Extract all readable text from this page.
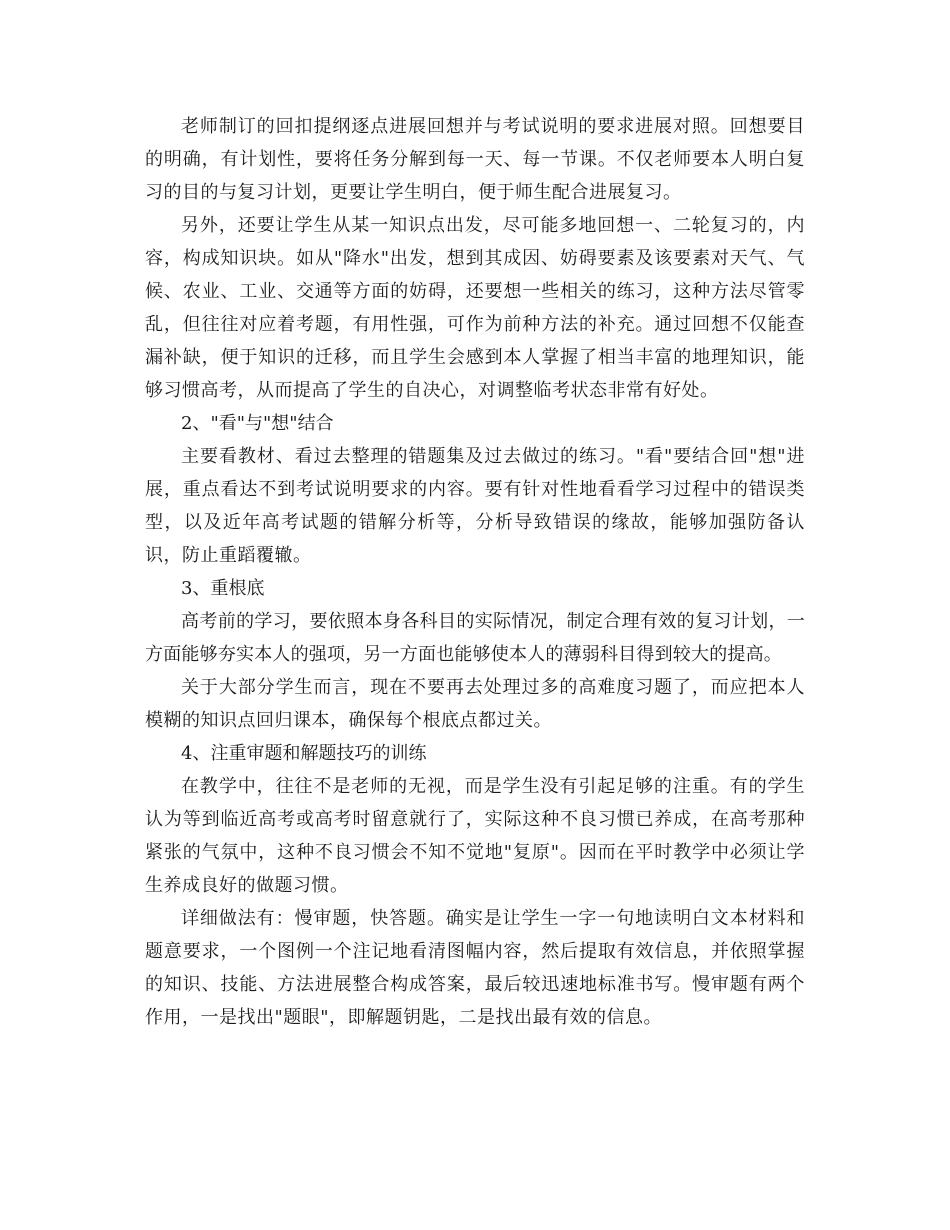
老师制订的回扣提纲逐点进展回想并与考试说明的要求进展对照。回想要目的明确，有计划性，要将任务分解到每一天、每一节课。不仅老师要本人明白复习的目的与复习计划，更要让学生明白，便于师生配合进展复习。

另外，还要让学生从某一知识点出发，尽可能多地回想一、二轮复习的，内容，构成知识块。如从"降水"出发，想到其成因、妨碍要素及该要素对天气、气候、农业、工业、交通等方面的妨碍，还要想一些相关的练习，这种方法尽管零乱，但往往对应着考题，有用性强，可作为前种方法的补充。通过回想不仅能查漏补缺，便于知识的迁移，而且学生会感到本人掌握了相当丰富的地理知识，能够习惯高考，从而提高了学生的自决心，对调整临考状态非常有好处。

2、"看"与"想"结合

主要看教材、看过去整理的错题集及过去做过的练习。"看"要结合回"想"进展，重点看达不到考试说明要求的内容。要有针对性地看看学习过程中的错误类型，以及近年高考试题的错解分析等，分析导致错误的缘故，能够加强防备认识，防止重蹈覆辙。

3、重根底

高考前的学习，要依照本身各科目的实际情况，制定合理有效的复习计划，一方面能够夯实本人的强项，另一方面也能够使本人的薄弱科目得到较大的提高。

关于大部分学生而言，现在不要再去处理过多的高难度习题了，而应把本人模糊的知识点回归课本，确保每个根底点都过关。

4、注重审题和解题技巧的训练

在教学中，往往不是老师的无视，而是学生没有引起足够的注重。有的学生认为等到临近高考或高考时留意就行了，实际这种不良习惯已养成，在高考那种紧张的气氛中，这种不良习惯会不知不觉地"复原"。因而在平时教学中必须让学生养成良好的做题习惯。

详细做法有：慢审题，快答题。确实是让学生一字一句地读明白文本材料和题意要求，一个图例一个注记地看清图幅内容，然后提取有效信息，并依照掌握的知识、技能、方法进展整合构成答案，最后较迅速地标准书写。慢审题有两个作用，一是找出"题眼"，即解题钥匙，二是找出最有效的信息。
